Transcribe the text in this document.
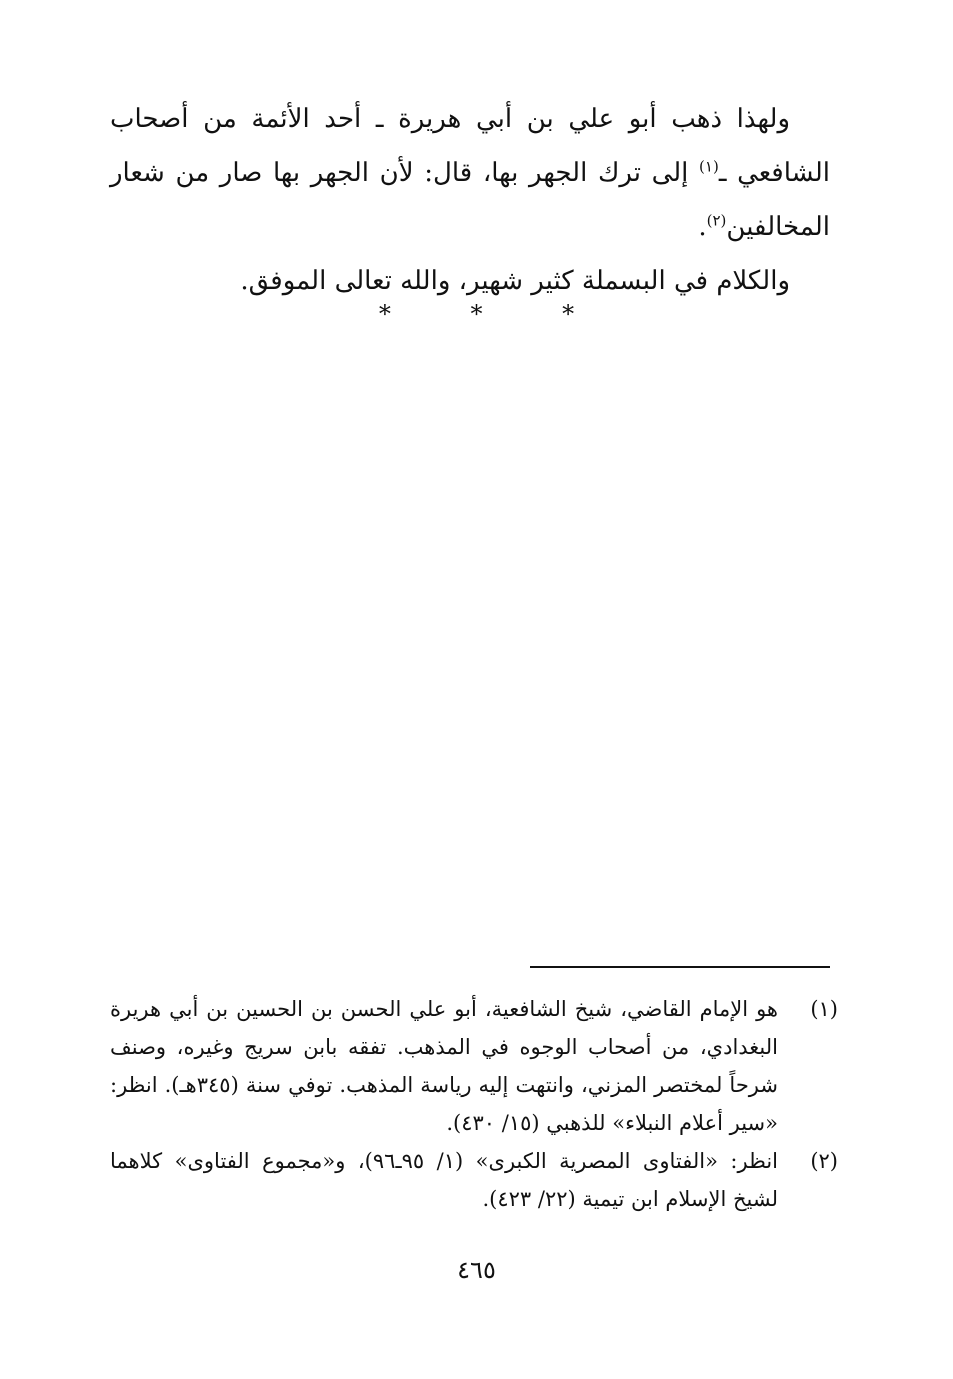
ولهذا ذهب أبو علي بن أبي هريرة ـ أحد الأئمة من أصحاب الشافعي ـ$^{(١)}$ إلى ترك الجهر بها، قال: لأن الجهر بها صار من شعار المخالفين$^{(٢)}$.

والكلام في البسملة كثير شهير، والله تعالى الموفق.

* * *
(١)
هو الإمام القاضي، شيخ الشافعية، أبو علي الحسن بن الحسين بن أبي هريرة البغدادي، من أصحاب الوجوه في المذهب. تفقه بابن سريج وغيره، وصنف شرحاً لمختصر المزني، وانتهت إليه رياسة المذهب. توفي سنة (٣٤٥هـ). انظر: «سير أعلام النبلاء» للذهبي (١٥/ ٤٣٠).
(٢)
انظر: «الفتاوى المصرية الكبرى» (١/ ٩٥ـ٩٦)، و«مجموع الفتاوى» كلاهما لشيخ الإسلام ابن تيمية (٢٢/ ٤٢٣).
٤٦٥
